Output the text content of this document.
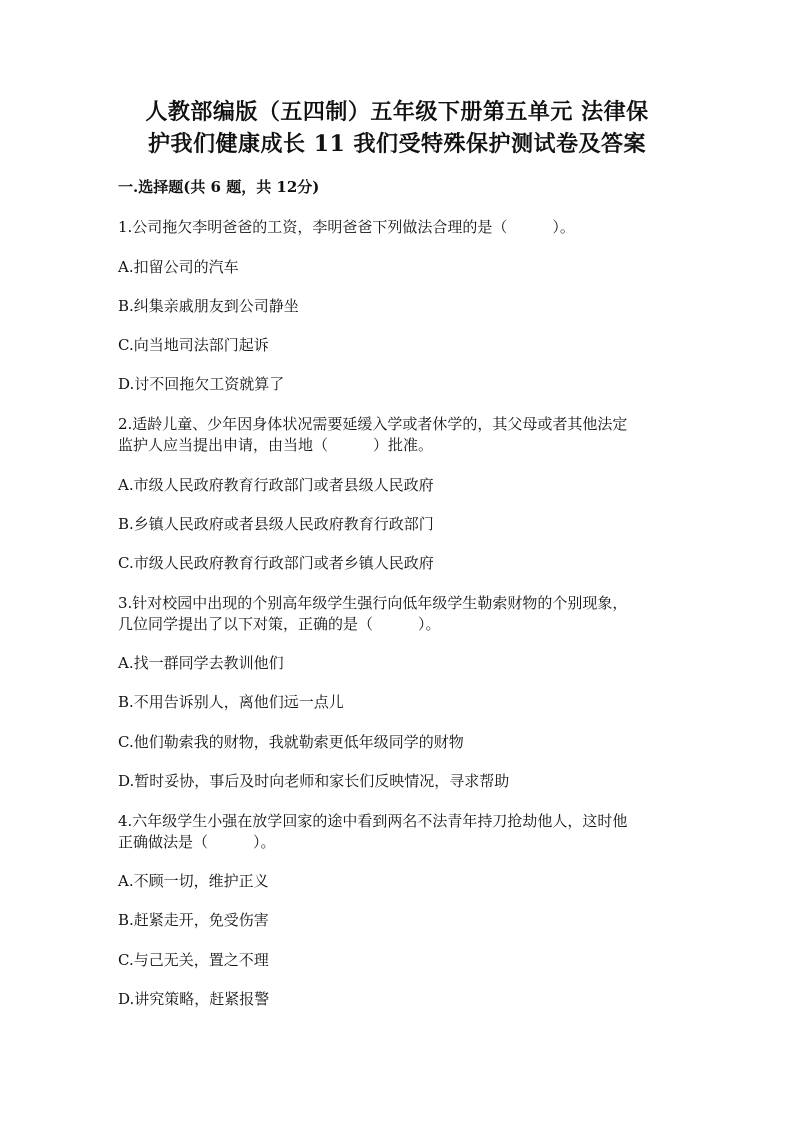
人教部编版（五四制）五年级下册第五单元 法律保
护我们健康成长 11 我们受特殊保护测试卷及答案
一.选择题(共 6 题，共 12分)
1.公司拖欠李明爸爸的工资，李明爸爸下列做法合理的是（　　　）。
A.扣留公司的汽车
B.纠集亲戚朋友到公司静坐
C.向当地司法部门起诉
D.讨不回拖欠工资就算了
2.适龄儿童、少年因身体状况需要延缓入学或者休学的，其父母或者其他法定
监护人应当提出申请，由当地（　　　）批准。
A.市级人民政府教育行政部门或者县级人民政府
B.乡镇人民政府或者县级人民政府教育行政部门
C.市级人民政府教育行政部门或者乡镇人民政府
3.针对校园中出现的个别高年级学生强行向低年级学生勒索财物的个别现象，
几位同学提出了以下对策，正确的是（　　　）。
A.找一群同学去教训他们
B.不用告诉别人，离他们远一点儿
C.他们勒索我的财物，我就勒索更低年级同学的财物
D.暂时妥协，事后及时向老师和家长们反映情况，寻求帮助
4.六年级学生小强在放学回家的途中看到两名不法青年持刀抢劫他人，这时他
正确做法是（　　　）。
A.不顾一切，维护正义
B.赶紧走开，免受伤害
C.与己无关，置之不理
D.讲究策略，赶紧报警
